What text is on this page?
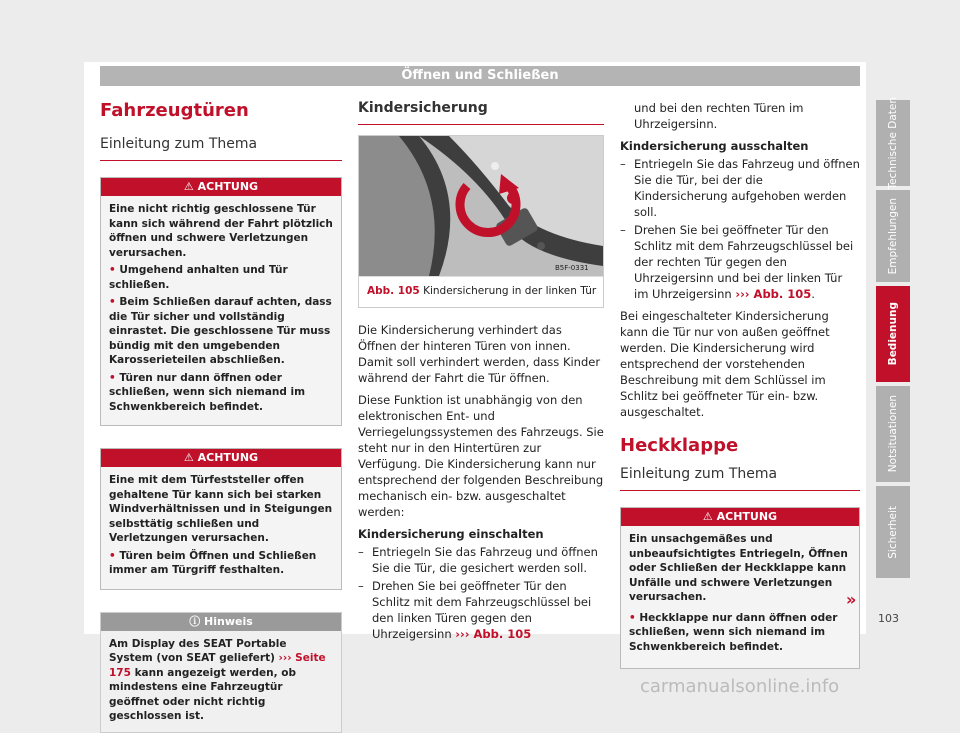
Öffnen und Schließen
Fahrzeugtüren
Einleitung zum Thema
⚠ ACHTUNG

Eine nicht richtig geschlossene Tür kann sich während der Fahrt plötzlich öffnen und schwere Verletzungen verursachen.

• Umgehend anhalten und Tür schließen.

• Beim Schließen darauf achten, dass die Tür sicher und vollständig einrastet. Die geschlossene Tür muss bündig mit den umgebenden Karosserieteilen abschließen.

• Türen nur dann öffnen oder schließen, wenn sich niemand im Schwenkbereich befindet.

⚠ ACHTUNG

Eine mit dem Türfeststeller offen gehaltene Tür kann sich bei starken Windverhältnissen und in Steigungen selbsttätig schließen und Verletzungen verursachen.

• Türen beim Öffnen und Schließen immer am Türgriff festhalten.

ⓘ Hinweis
Am Display des SEAT Portable System (von SEAT geliefert) ››› Seite 175 kann angezeigt werden, ob mindestens eine Fahrzeugtür geöffnet oder nicht richtig geschlossen ist.
Kindersicherung
B5F-0331
Abb. 105 Kindersicherung in der linken Tür

Die Kindersicherung verhindert das Öffnen der hinteren Türen von innen. Damit soll verhindert werden, dass Kinder während der Fahrt die Tür öffnen.

Diese Funktion ist unabhängig von den elektronischen Ent- und Verriegelungssystemen des Fahrzeugs. Sie steht nur in den Hintertüren zur Verfügung. Die Kindersicherung kann nur entsprechend der folgenden Beschreibung mechanisch ein- bzw. ausgeschaltet werden:

Kindersicherung einschalten

– Entriegeln Sie das Fahrzeug und öffnen Sie die Tür, die gesichert werden soll.
– Drehen Sie bei geöffneter Tür den Schlitz mit dem Fahrzeugschlüssel bei den linken Türen gegen den Uhrzeigersinn ››› Abb. 105

und bei den rechten Türen im Uhrzeigersinn.

Kindersicherung ausschalten

– Entriegeln Sie das Fahrzeug und öffnen Sie die Tür, bei der die Kindersicherung aufgehoben werden soll.
– Drehen Sie bei geöffneter Tür den Schlitz mit dem Fahrzeugschlüssel bei der rechten Tür gegen den Uhrzeigersinn und bei der linken Tür im Uhrzeigersinn ››› Abb. 105.

Bei eingeschalteter Kindersicherung kann die Tür nur von außen geöffnet werden. Die Kindersicherung wird entsprechend der vorstehenden Beschreibung mit dem Schlüssel im Schlitz bei geöffneter Tür ein- bzw. ausgeschaltet.

Heckklappe
Einleitung zum Thema
⚠ ACHTUNG

Ein unsachgemäßes und unbeaufsichtigtes Entriegeln, Öffnen oder Schließen der Heckklappe kann Unfälle und schwere Verletzungen verursachen.

• Heckklappe nur dann öffnen oder schließen, wenn sich niemand im Schwenkbereich befindet.

»
Technische Daten
Empfehlungen
Bedienung
Notsituationen
Sicherheit
103
carmanualsonline.info
